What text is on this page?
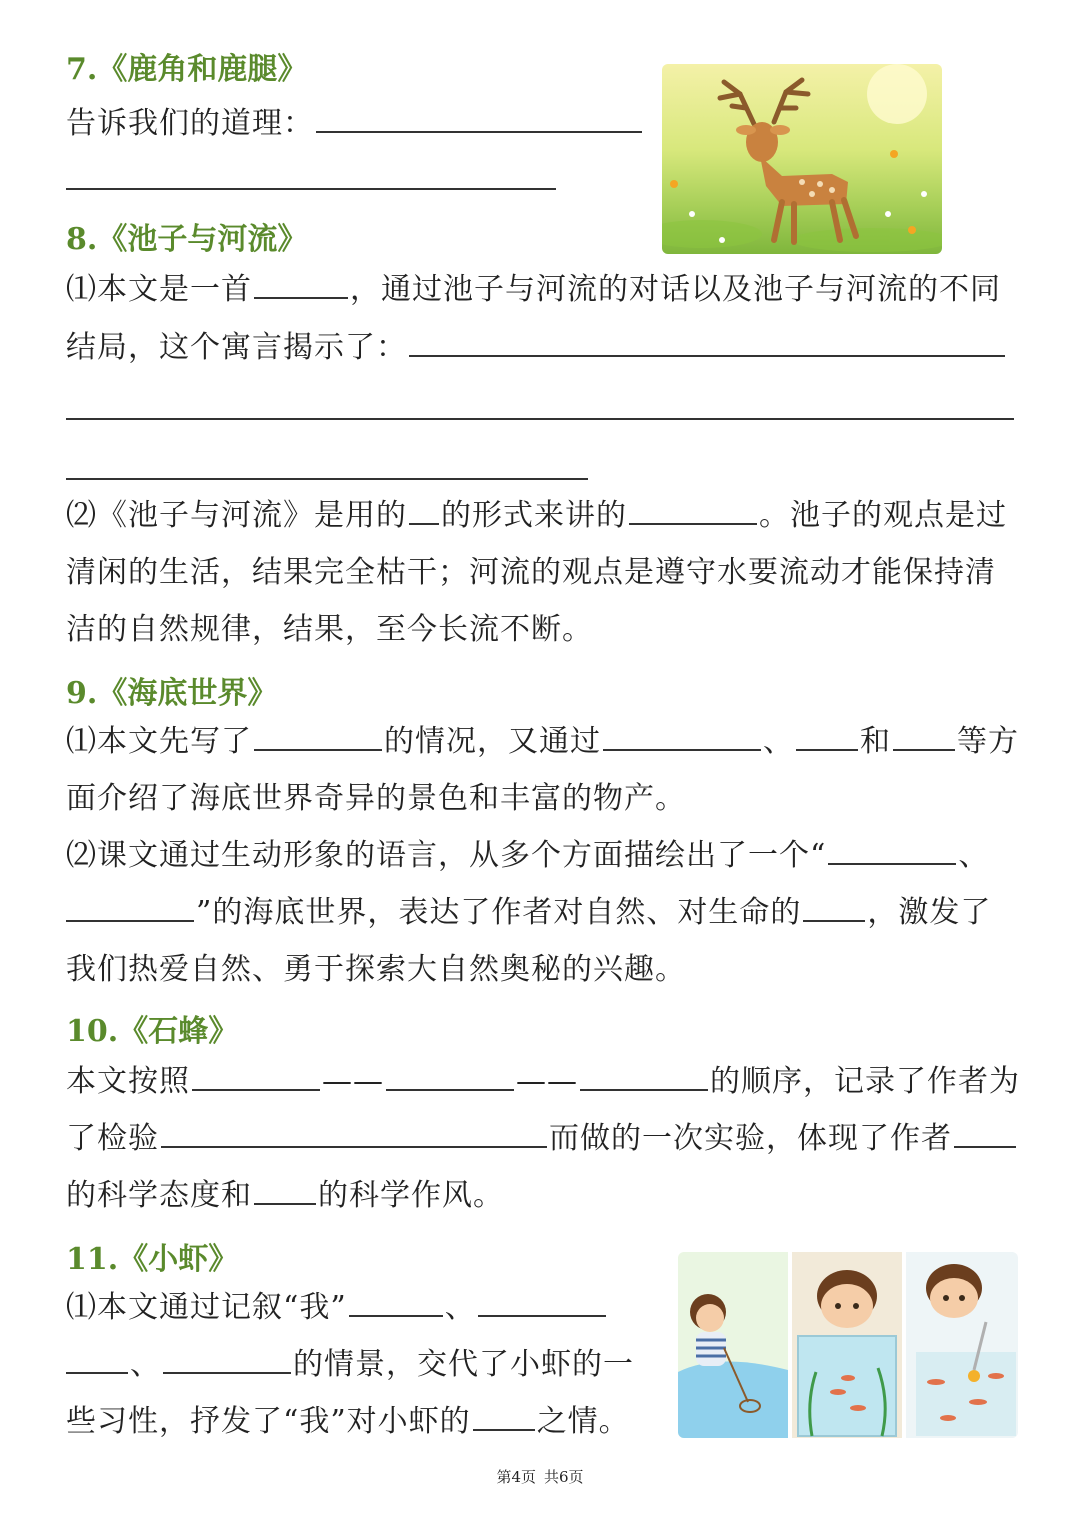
7.《鹿角和鹿腿》
告诉我们的道理：
8.《池子与河流》
⑴本文是一首	，通过池子与河流的对话以及池子与河流的不同
结局，这个寓言揭示了：
⑵《池子与河流》是用的 的形式来讲的	。池子的观点是过
清闲的生活，结果完全枯干；河流的观点是遵守水要流动才能保持清
洁的自然规律，结果，至今长流不断。
9.《海底世界》
⑴本文先写了	的情况，又通过	、 和 等方
面介绍了海底世界奇异的景色和丰富的物产。
⑵课文通过生动形象的语言，从多个方面描绘出了一个“	、
”的海底世界，表达了作者对自然、对生命的 ，激发了
我们热爱自然、勇于探索大自然奥秘的兴趣。
10.《石蜂》
本文按照	——	——	的顺序，记录了作者为
了检验	而做的一次实验，体现了作者
的科学态度和 的科学作风。
11.《小虾》
⑴本文通过记叙“我”	、
、	的情景，交代了小虾的一
些习性，抒发了“我”对小虾的 之情。
第4页 共6页
